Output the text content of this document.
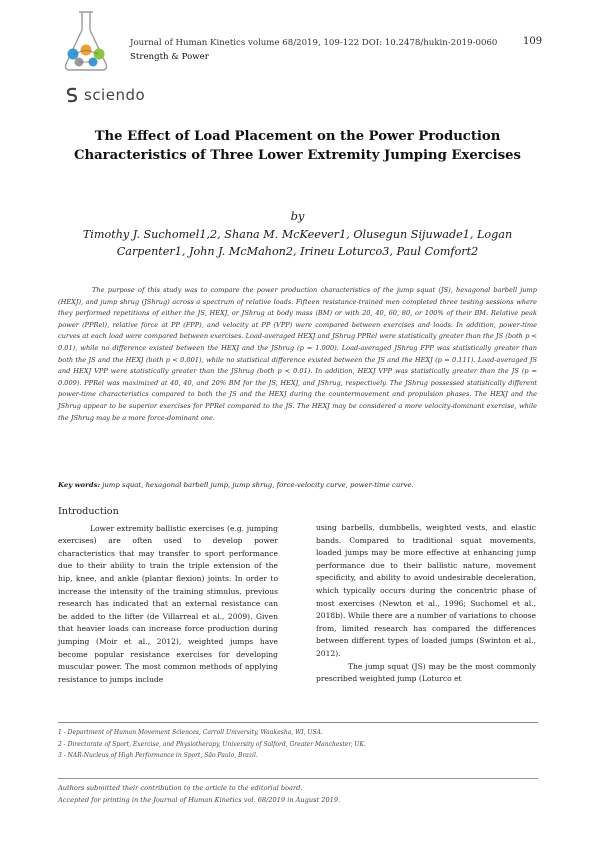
Journal of Human Kinetics volume 68/2019, 109-122 DOI: 10.2478/hukin-2019-0060
Strength & Power
109
sciendo
The Effect of Load Placement on the Power Production Characteristics of Three Lower Extremity Jumping Exercises
by
Timothy J. Suchomel1,2, Shana M. McKeever1, Olusegun Sijuwade1, Logan Carpenter1, John J. McMahon2, Irineu Loturco3, Paul Comfort2
The purpose of this study was to compare the power production characteristics of the jump squat (JS), hexagonal barbell jump (HEXJ), and jump shrug (JShrug) across a spectrum of relative loads. Fifteen resistance-trained men completed three testing sessions where they performed repetitions of either the JS, HEXJ, or JShrug at body mass (BM) or with 20, 40, 60, 80, or 100% of their BM. Relative peak power (PPRel), relative force at PP (FPP), and velocity at PP (VPP) were compared between exercises and loads. In addition, power-time curves at each load were compared between exercises. Load-averaged HEXJ and JShrug PPRel were statistically greater than the JS (both p < 0.01), while no difference existed between the HEXJ and the JShrug (p = 1.000). Load-averaged JShrug FPP was statistically greater than both the JS and the HEXJ (both p < 0.001), while no statistical difference existed between the JS and the HEXJ (p = 0.111). Load-averaged JS and HEXJ VPP were statistically greater than the JShrug (both p < 0.01). In addition, HEXJ VPP was statistically greater than the JS (p = 0.009). PPRel was maximized at 40, 40, and 20% BM for the JS, HEXJ, and JShrug, respectively. The JShrug possessed statistically different power-time characteristics compared to both the JS and the HEXJ during the countermovement and propulsion phases. The HEXJ and the JShrug appear to be superior exercises for PPRel compared to the JS. The HEXJ may be considered a more velocity-dominant exercise, while the JShrug may be a more force-dominant one.
Key words: jump squat, hexagonal barbell jump, jump shrug, force-velocity curve, power-time curve.
Introduction

Lower extremity ballistic exercises (e.g. jumping exercises) are often used to develop power characteristics that may transfer to sport performance due to their ability to train the triple extension of the hip, knee, and ankle (plantar flexion) joints. In order to increase the intensity of the training stimulus, previous research has indicated that an external resistance can be added to the lifter (de Villarreal et al., 2009). Given that heavier loads can increase force production during jumping (Moir et al., 2012), weighted jumps have become popular resistance exercises for developing muscular power. The most common methods of applying resistance to jumps include

using barbells, dumbbells, weighted vests, and elastic bands. Compared to traditional squat movements, loaded jumps may be more effective at enhancing jump performance due to their ballistic nature, movement specificity, and ability to avoid undesirable deceleration, which typically occurs during the concentric phase of most exercises (Newton et al., 1996; Suchomel et al., 2018b). While there are a number of variations to choose from, limited research has compared the differences between different types of loaded jumps (Swinton et al., 2012).

The jump squat (JS) may be the most commonly prescribed weighted jump (Loturco et

1 - Department of Human Movement Sciences, Carroll University, Waukesha, WI, USA.
2 - Directorate of Sport, Exercise, and Physiotherapy, University of Salford, Greater Manchester, UK.
3 - NAR-Nucleus of High Performance in Sport, São Paulo, Brazil.
Authors submitted their contribution to the article to the editorial board.
Accepted for printing in the Journal of Human Kinetics vol. 68/2019 in August 2019.
